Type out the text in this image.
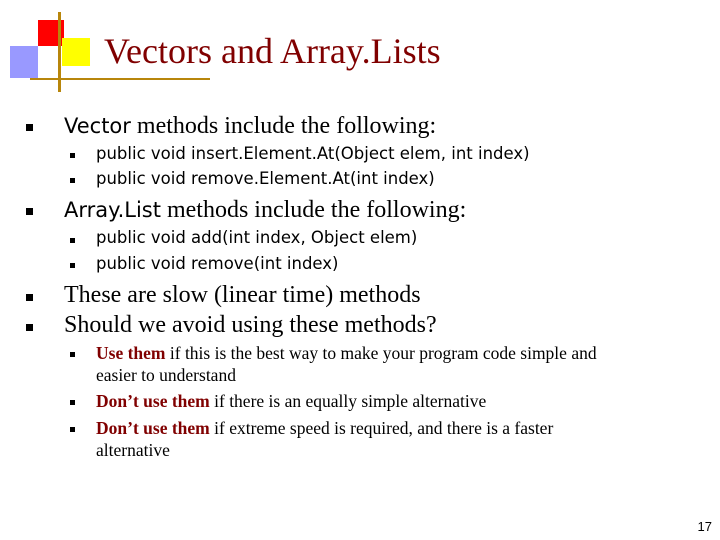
Vectors and Array.Lists
Vector methods include the following:
public void insert.Element.At(Object elem, int index)
public void remove.Element.At(int index)
Array.List methods include the following:
public void add(int index, Object elem)
public void remove(int index)
These are slow (linear time) methods
Should we avoid using these methods?
Use them if this is the best way to make your program code simple and
easier to understand
Don’t use them if there is an equally simple alternative
Don’t use them if extreme speed is required, and there is a faster
alternative
17
